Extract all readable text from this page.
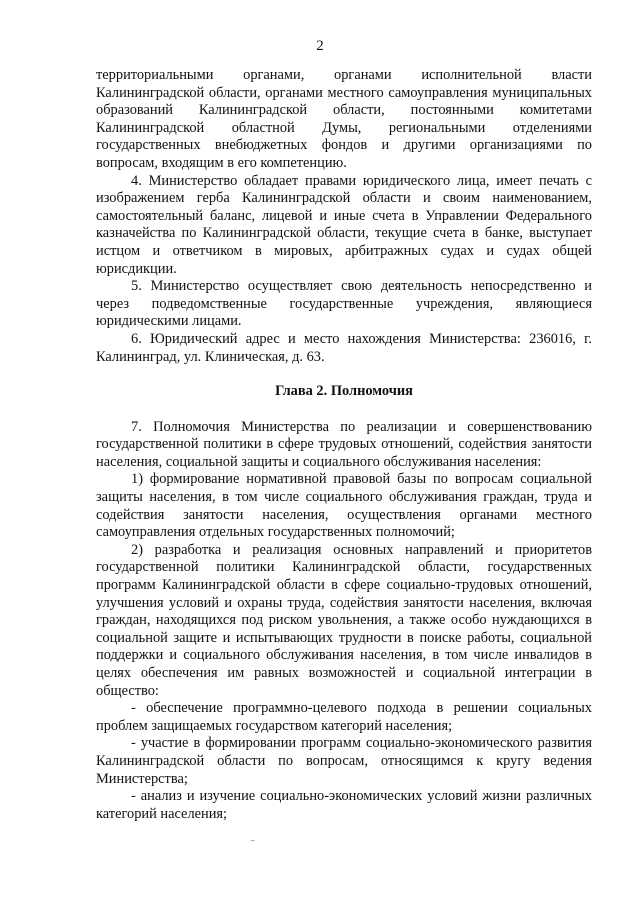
2

территориальными органами, органами исполнительной власти Калининградской области, органами местного самоуправления муниципальных образований Калининградской области, постоянными комитетами Калининградской областной Думы, региональными отделениями государственных внебюджетных фондов и другими организациями по вопросам, входящим в его компетенцию.

4. Министерство обладает правами юридического лица, имеет печать с изображением герба Калининградской области и своим наименованием, самостоятельный баланс, лицевой и иные счета в Управлении Федерального казначейства по Калининградской области, текущие счета в банке, выступает истцом и ответчиком в мировых, арбитражных судах и судах общей юрисдикции.

5. Министерство осуществляет свою деятельность непосредственно и через подведомственные государственные учреждения, являющиеся юридическими лицами.

6. Юридический адрес и место нахождения Министерства: 236016, г. Калининград, ул. Клиническая, д. 63.

Глава 2. Полномочия

7. Полномочия Министерства по реализации и совершенствованию государственной политики в сфере трудовых отношений, содействия занятости населения, социальной защиты и социального обслуживания населения:

1) формирование нормативной правовой базы по вопросам социальной защиты населения, в том числе социального обслуживания граждан, труда и содействия занятости населения, осуществления органами местного самоуправления отдельных государственных полномочий;

2) разработка и реализация основных направлений и приоритетов государственной политики Калининградской области, государственных программ Калининградской области в сфере социально-трудовых отношений, улучшения условий и охраны труда, содействия занятости населения, включая граждан, находящихся под риском увольнения, а также особо нуждающихся в социальной защите и испытывающих трудности в поиске работы, социальной поддержки и социального обслуживания населения, в том числе инвалидов в целях обеспечения им равных возможностей и социальной интеграции в общество:

- обеспечение программно-целевого подхода в решении социальных проблем защищаемых государством категорий населения;

- участие в формировании программ социально-экономического развития Калининградской области по вопросам, относящимся к кругу ведения Министерства;

- анализ и изучение социально-экономических условий жизни различных категорий населения;

⁻
